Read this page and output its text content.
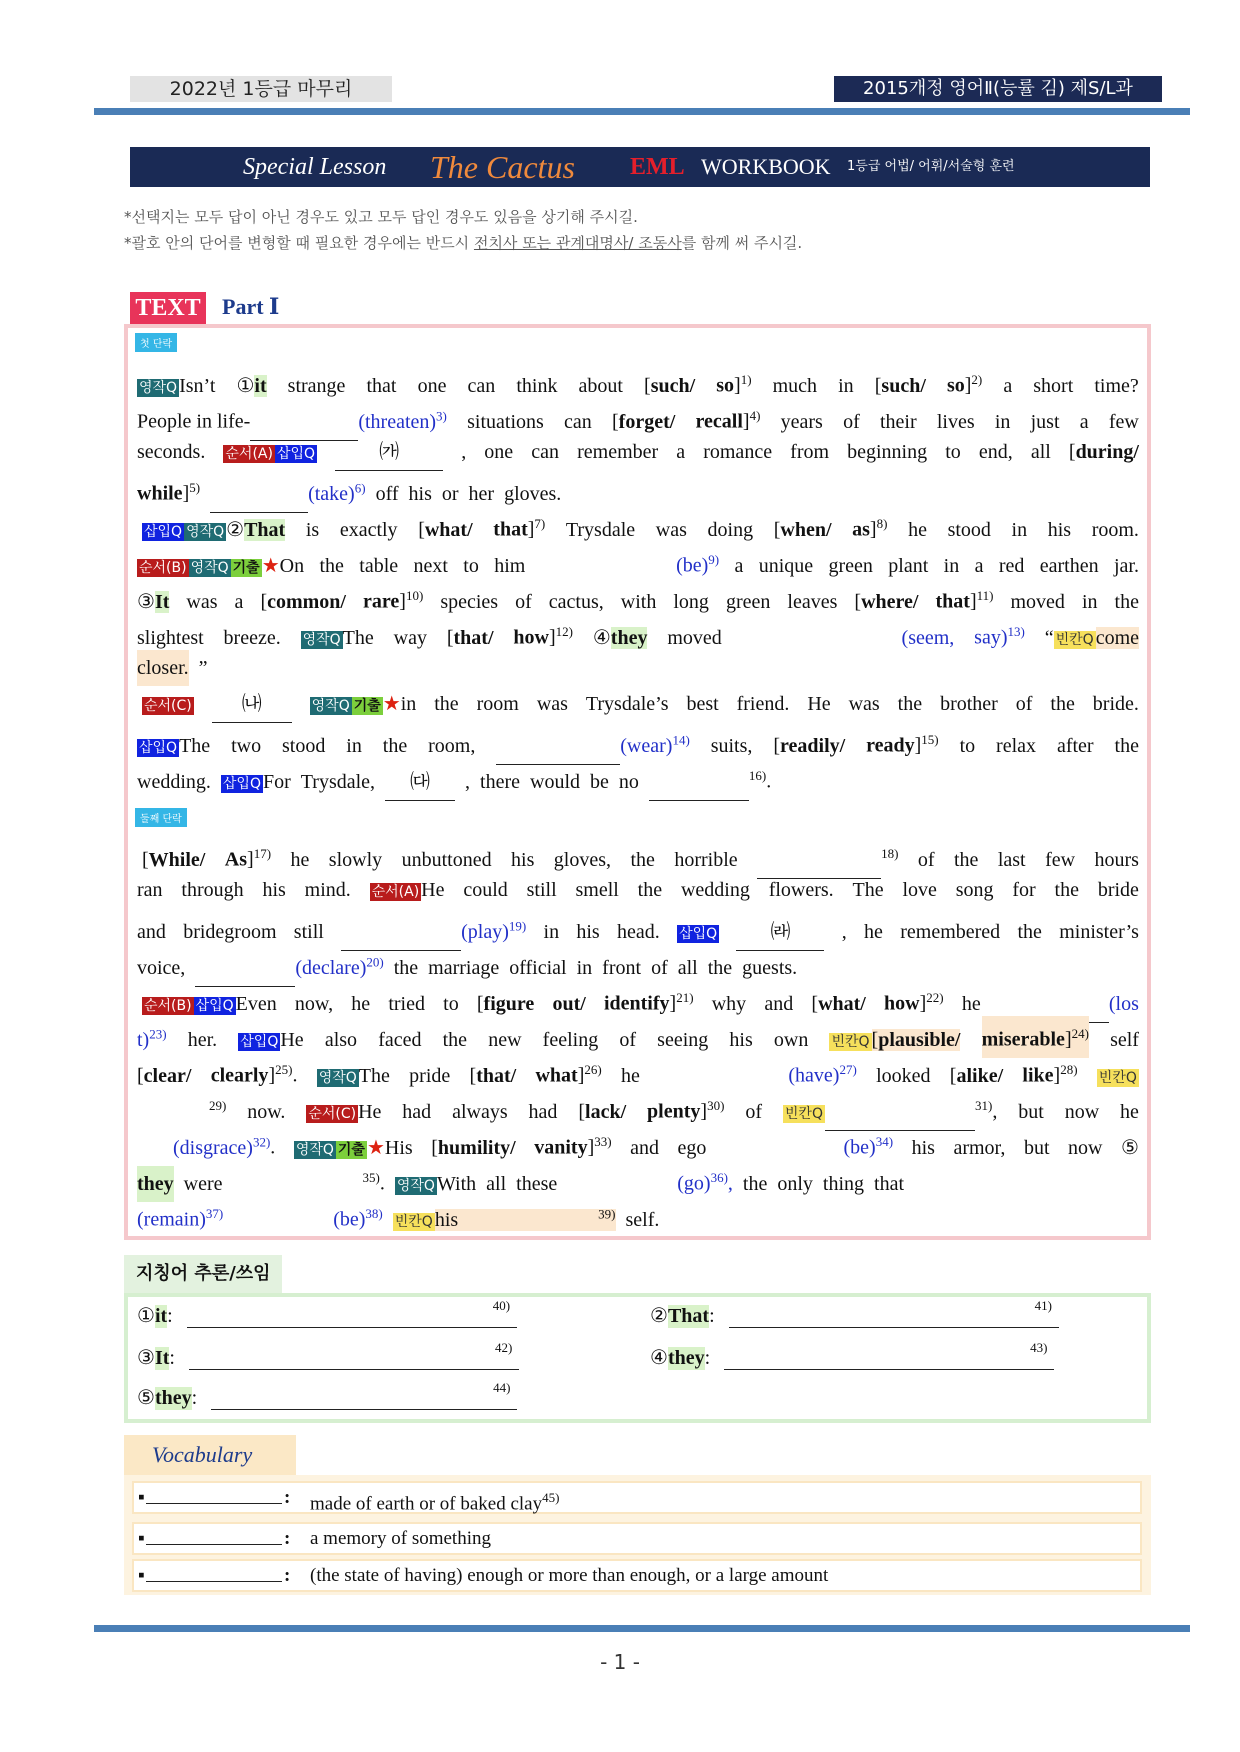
2022년 1등급 마무리	2015개정 영어Ⅱ(능률 김) 제S/L과
Special Lesson The Cactus EML WORKBOOK 1등급 어법/ 어휘/서술형 훈련
*선택지는 모두 답이 아닌 경우도 있고 모두 답인 경우도 있음을 상기해 주시길.
*괄호 안의 단어를 변형할 때 필요한 경우에는 반드시 전치사 또는 관계대명사/ 조동사를 함께 써 주시길.
TEXT Part Ⅰ
첫 단락
영작Q Isn’t ①it strange that one can think about [such/ so]$^{1)}$ much in [such/ so]$^{2)}$ a short time?
People in life-	(threaten)$^{3)}$ situations can [forget/ recall]$^{4)}$ years of their lives in just a few
seconds. 순서(A) 삽입Q	㈎	, one can remember a romance from beginning to end, all [during/
while]$^{5)}$	(take)$^{6)}$ off his or her gloves.
삽입Q 영작Q ②That is exactly [what/ that]$^{7)}$ Trysdale was doing [when/ as]$^{8)}$ he stood in his room.
순서(B) 영작Q 기출 ★On the table next to him	(be)$^{9)}$ a unique green plant in a red earthen jar.
③It was a [common/ rare]$^{10)}$ species of cactus, with long green leaves [where/ that]$^{11)}$ moved in the
slightest breeze. 영작Q The way [that/ how]$^{12)}$ ④they moved	(seem, say)$^{13)}$ “ 빈칸Q come
closer. ”
순서(C)	㈏	영작Q 기출 ★in the room was Trysdale’s best friend. He was the brother of the bride.
삽입Q The two stood in the room,	(wear)$^{14)}$ suits, [readily/ ready]$^{15)}$ to relax after the
wedding. 삽입Q For Trysdale,	㈐	, there would be no	$^{16)}$.
둘째 단락
[While/ As]$^{17)}$ he slowly unbuttoned his gloves, the horrible	$^{18)}$ of the last few hours
ran through his mind. 순서(A) He could still smell the wedding flowers. The love song for the bride
and bridegroom still	(play)$^{19)}$ in his head. 삽입Q	㈑	, he remembered the minister’s
voice,	(declare)$^{20)}$ the marriage official in front of all the guests.
순서(B) 삽입Q Even now, he tried to [figure out/ identify]$^{21)}$ why and [what/ how]$^{22)}$ he	(los
t)$^{23)}$ her. 삽입Q He also faced the new feeling of seeing his own 빈칸Q [plausible/ miserable]$^{24)}$ self
[clear/ clearly]$^{25)}$. 영작Q The pride [that/ what]$^{26)}$ he	(have)$^{27)}$ looked [alike/ like]$^{28)}$
빈칸Q
$^{29)}$ now. 순서(C) He had always had [lack/ plenty]$^{30)}$ of 빈칸Q $^{31)}$, but now he
(disgrace)$^{32)}$. 영작Q 기출 ★His [humility/ vanity]$^{33)}$ and ego	(be)$^{34)}$ his armor, but now ⑤
they were	$^{35)}$. 영작Q With all these	(go)$^{36)}$, the only thing that
(remain)$^{37)}$	(be)$^{38)}$
빈칸Q his	$^{39)}$ self.
지칭어 추론/쓰임
① it :	40)	② That :	41)
③ It :	42)	④ they :	43)
⑤ they :	44)
Vocabulary
▪	: made of earth or of baked clay$^{45)}$
▪	: a memory of something
▪	: (the state of having) enough or more than enough, or a large amount
- 1 -
